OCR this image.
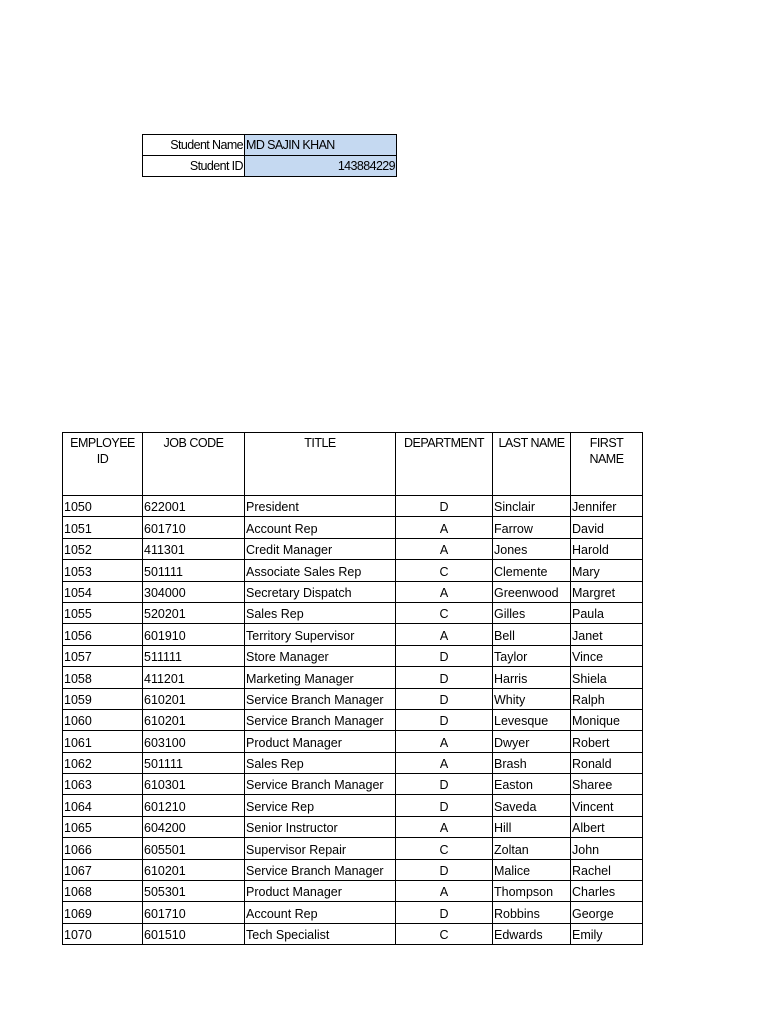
Student Name	MD SAJIN KHAN
Student ID	143884229
EMPLOYEE ID	JOB CODE	TITLE	DEPARTMENT	LAST NAME	FIRST NAME
1050	622001	President	D	Sinclair	Jennifer
1051	601710	Account Rep	A	Farrow	David
1052	411301	Credit Manager	A	Jones	Harold
1053	501111	Associate Sales Rep	C	Clemente	Mary
1054	304000	Secretary Dispatch	A	Greenwood	Margret
1055	520201	Sales Rep	C	Gilles	Paula
1056	601910	Territory Supervisor	A	Bell	Janet
1057	511111	Store Manager	D	Taylor	Vince
1058	411201	Marketing Manager	D	Harris	Shiela
1059	610201	Service Branch Manager	D	Whity	Ralph
1060	610201	Service Branch Manager	D	Levesque	Monique
1061	603100	Product Manager	A	Dwyer	Robert
1062	501111	Sales Rep	A	Brash	Ronald
1063	610301	Service Branch Manager	D	Easton	Sharee
1064	601210	Service Rep	D	Saveda	Vincent
1065	604200	Senior Instructor	A	Hill	Albert
1066	605501	Supervisor Repair	C	Zoltan	John
1067	610201	Service Branch Manager	D	Malice	Rachel
1068	505301	Product Manager	A	Thompson	Charles
1069	601710	Account Rep	D	Robbins	George
1070	601510	Tech Specialist	C	Edwards	Emily
